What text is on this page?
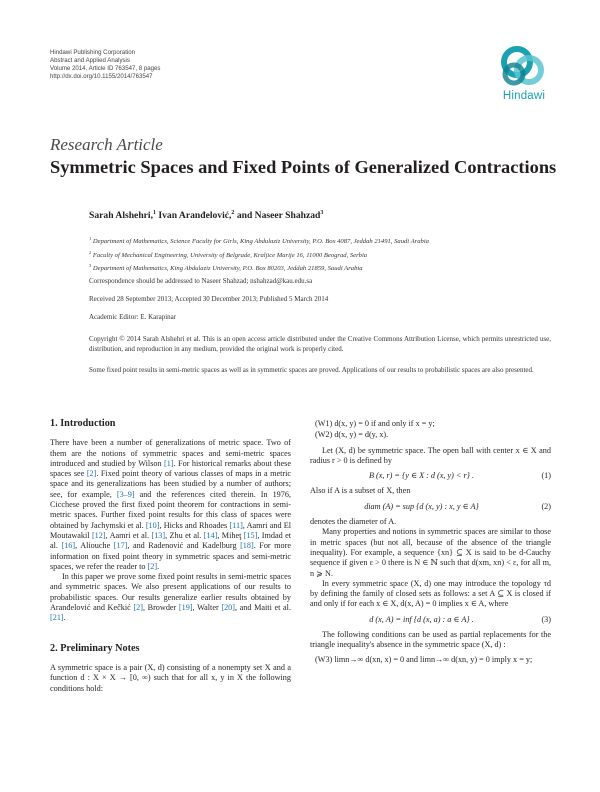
Hindawi Publishing Corporation
Abstract and Applied Analysis
Volume 2014, Article ID 763547, 8 pages
http://dx.doi.org/10.1155/2014/763547
Hindawi
Research Article
Symmetric Spaces and Fixed Points of Generalized Contractions
Sarah Alshehri,$^1$ Ivan Aranđelović,$^2$ and Naseer Shahzad$^3$
$^1$ Department of Mathematics, Science Faculty for Girls, King Abdulaziz University, P.O. Box 4087, Jeddah 21491, Saudi Arabia
$^2$ Faculty of Mechanical Engineering, University of Belgrade, Kraljice Marije 16, 11000 Beograd, Serbia
$^3$ Department of Mathematics, King Abdulaziz University, P.O. Box 80203, Jeddah 21859, Saudi Arabia
Correspondence should be addressed to Naseer Shahzad; nshahzad@kau.edu.sa
Received 28 September 2013; Accepted 30 December 2013; Published 5 March 2014
Academic Editor: E. Karapinar
Copyright © 2014 Sarah Alshehri et al. This is an open access article distributed under the Creative Commons Attribution License, which permits unrestricted use, distribution, and reproduction in any medium, provided the original work is properly cited.
Some fixed point results in semi-metric spaces as well as in symmetric spaces are proved. Applications of our results to probabilistic spaces are also presented.
1. Introduction
There have been a number of generalizations of metric space. Two of them are the notions of symmetric spaces and semi-metric spaces introduced and studied by Wilson [1]. For historical remarks about these spaces see [2]. Fixed point theory of various classes of maps in a metric space and its generalizations has been studied by a number of authors; see, for example, [3–9] and the references cited therein. In 1976, Cicchese proved the first fixed point theorem for contractions in semi-metric spaces. Further fixed point results for this class of spaces were obtained by Jachymski et al. [10], Hicks and Rhoades [11], Aamri and El Moutawakil [12], Aamri et al. [13], Zhu et al. [14], Miheţ [15], Imdad et al. [16], Aliouche [17], and Radenović and Kadelburg [18]. For more information on fixed point theory in symmetric spaces and semi-metric spaces, we refer the reader to [2].
In this paper we prove some fixed point results in semi-metric spaces and symmetric spaces. We also present applications of our results to probabilistic spaces. Our results generalize earlier results obtained by Aranđelović and Kečkić [2], Browder [19], Walter [20], and Maiti et al. [21].
2. Preliminary Notes
A symmetric space is a pair (X, d) consisting of a nonempty set X and a function d : X × X → [0, ∞) such that for all x, y in X the following conditions hold:
(W1) d(x, y) = 0 if and only if x = y;
(W2) d(x, y) = d(y, x).
Let (X, d) be symmetric space. The open ball with center x ∈ X and radius r > 0 is defined by
B (x, r) = {y ∈ X : d (x, y) < r} .	(1)
Also if A is a subset of X, then
diam (A) = sup {d (x, y) : x, y ∈ A}	(2)
denotes the diameter of A.
Many properties and notions in symmetric spaces are similar to those in metric spaces (but not all, because of the absence of the triangle inequality). For example, a sequence {xn} ⊆ X is said to be d-Cauchy sequence if given ε > 0 there is N ∈ ℕ such that d(xm, xn) < ε, for all m, n ⩾ N.
In every symmetric space (X, d) one may introduce the topology τd by defining the family of closed sets as follows: a set A ⊆ X is closed if and only if for each x ∈ X, d(x, A) = 0 implies x ∈ A, where
d (x, A) = inf {d (x, a) : a ∈ A} .	(3)
The following conditions can be used as partial replacements for the triangle inequality's absence in the symmetric space (X, d) :
(W3) limn→∞ d(xn, x) = 0 and limn→∞ d(xn, y) = 0 imply x = y;
